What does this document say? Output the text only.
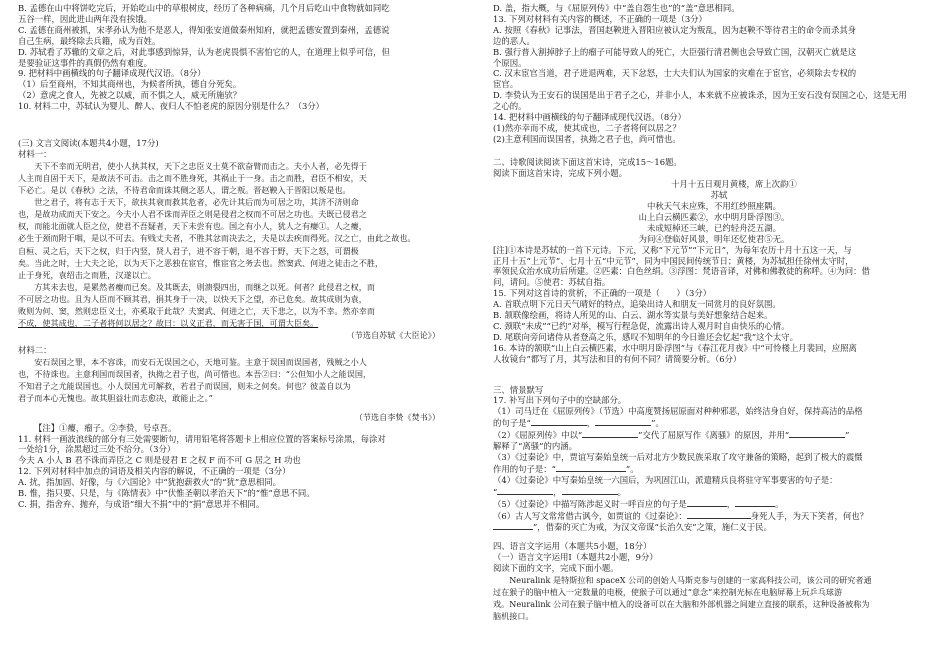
B. 孟德在山中将饼吃完后，开始吃山中的草根树皮，经历了各种病痛，几个月后吃山中食物就如同吃
五谷一样，因此进山两年没有挨饿。
C. 孟德在商州被抓，宋孝孙认为他不是恶人，得知张安道做秦州知府，就把孟德安置到秦州，孟德说
自己生病，最终除去兵籍，成为百姓。
D. 苏轼看了苏辙的文章之后，对此事感到惊异，认为老虎畏惧不害怕它的人，在道理上似乎可信，但
是要验证这事件的真假仍然有难度。
9. 把材料中画横线的句子翻译成现代汉语。（8分）
（1）后至商州，不知其商州也，为候者所执，德自分死矣。
（2）意虎之食人，先被之以威，而不惧之人，威无所施欤？
10. 材料二中，苏轼认为婴儿、醉人、夜归人不怕老虎的原因分别是什么？（3分）
(三) 文言文阅读(本题共4小题，17分)
材料一：
天下不幸而无明君，使小人执其权，天下之忠臣义士莫不欲奋臂而击之。夫小人者，必先得于
人主而自固于天下，是故法不可击。击之而不胜身死，其祸止于一身。击之而胜，君臣不相安，天
下必亡。是以《春秋》之法，不待君命而诛其侧之恶人，谓之叛。晋赵鞅入于晋阳以叛是也。
世之君子，将有志于天下，欲扶其衰而救其危者，必先计其后而为可居之功，其济不济则命
也，是故功成而天下安之。今夫小人君不诛而弄臣之则是侵君之权而不可居之功也。夫既已侵君之
权，而能北面就人臣之位，使君不吾疑者，天下未尝有也。国之有小人，犹人之有瘿①。人之瘿，
必生于颈而附于咽，是以不可去。有贱丈夫者，不胜其忿而决去之，夫是以去疾而得死。汉之亡，由此之故也。
自桓、灵之后，天下之权，归于内竖，贤人君子，进不容于朝，退不容于野，天下之怒，可谓极
矣。当此之时，士大夫之论，以为天下之恶独在宦官，惟宦官之务去也。然窦武、何进之徒击之不胜，
止于身死，袁绍击之而胜，汉遂以亡。
方其未去也，是累然者瘿而已矣。及其既去，则溃裂四出，而继之以死。何者？此侵君之权，而
不可居之功也。且为人臣而不顾其君，捐其身于一决，以快天下之望，亦已危矣。故其成则为袁，
败则为何、窦，然则忠臣义士，亦奚取于此哉？夫窦武、何进之亡，天下悲之，以为不幸。然亦幸而
不成，使其成也，二子者将何以居之？故曰：以义正君，而无害于国，可谓大臣矣。
（节选自苏轼《大臣论》）
材料二：
安石误国之罪，本不容诛，而安石无误国之心，天地可鉴。主意于误国而误国者，残贼之小人
也，不待诛也。主意利国而误国者，执拗之君子也，尚可惜也。本吾②曰：“公但知小人之能误国，
不知君子之尤能误国也。小人误国尤可解救，若君子而误国，则未之何矣。何也？彼盖自以为
君子而本心无愧也。故其胆益壮而志愈决，敢能止之。”
（节选自李贽《焚书》）
【注】①瘿，瘤子。②李贽，号卓吾。
11. 材料一画波浪线的部分有三处需要断句，请用铅笔将答题卡上相应位置的答案标号涂黑，每涂对
一处给1分，涂黑超过三处不给分。（3分）
今夫 A 小人 B 君不诛而弄臣之 C 则是侵君 E 之权 F 而不可 G 居之 H 功也
12. 下列对材料中加点的词语及相关内容的解说，不正确的一项是（3分）
A. 扰，指加固、好像，与《六国论》中“犹抱薪救火”的“犹”意思相同。
B. 惟，指只要、只是，与《陈情表》中“伏惟圣朝以孝治天下”的“惟”意思不同。
C. 捐，指舍弃、抛弃，与成语“细大不捐”中的“捐”意思并不相同。
D. 盖，指大概，与《屈原列传》中“盖自怨生也”的“盖”意思相同。
13. 下列对材料有关内容的概述，不正确的一项是（3分）
A. 按照《春秋》记事法，晋国赵鞅进入晋阳应被认定为叛乱，因为赵鞅不等待君主的命令而杀其身
边的恶人。
B. 强行普入割掉脖子上的瘤子可能导致人的死亡，大臣强行清君侧也会导致亡国，汉朝灭亡就是这
个原因。
C. 汉末宦官当道，君子进退两难，天下忿怒，士大夫们认为国家的灾难在于宦官，必须除去专权的
宦官。
D. 李贽认为王安石的误国是出于君子之心，并非小人，本来就不应被诛杀，因为王安石没有误国之心，这是无用
之心的。
14. 把材料中画横线的句子翻译成现代汉语。（8分）
(1)然亦幸而不成，使其成也，二子者将何以居之？
(2)主意利国而误国者，执拗之君子也，尚可惜也。
二、诗歌阅读阅读下面这首宋诗，完成15～16题。
阅读下面这首宋诗，完成下列小题。
十月十五日观月黄楼，席上次韵①
苏轼
中秋天气未应殊，不用红纱照座隅。
山上白云横匹素②，水中明月卧浮图③。
未成短棹还三峡，已约轻舟泛五湖。
为问④登临好风景，明年还忆使君⑤无。
[注]①本诗是苏轼的一首下元诗。下元，又称“下元节”“下元日”，为每年农历十月十五这一天，与
正月十五“上元节”、七月十五“中元节”，同为中国民间传统节日；黄楼，为苏轼担任徐州太守时，
率领民众治水成功后所建。②匹素：白色丝绢。③浮图：梵语音译，对佛和佛教徒的称呼。④为问：借
问，请问。⑤使君：苏轼自指。
15. 下列对这首诗的赏析，不正确的一项是（　　）（3分）
A. 首联点明下元日天气晴好的特点，追染出诗人和朋友一同赏月的良好氛围。
B. 颔联像绘画，将诗人所见的山、白云、湖水等实景与美好想象结合起来。
C. 颈联“未成”“已约”对举，模写行程急促，流露出诗人观月时自由快乐的心情。
D. 尾联向旁问诸侍从者登高之乐，感叹不知明年的今日谁还会忆起“我”这个太守。
16. 本诗的颔联“山上白云横匹素，水中明月卧浮图”与《春江花月夜》中“可怜楼上月裴回，应照离
人妆镜台”都写了月，其写法和目的有何不同？请简要分析。（6分）
三、情景默写
17. 补写出下列句子中的空缺部分。
（1）司马迁在《屈原列传》（节选）中高度赞扬屈原面对种种邪恶，始终洁身自好，保持高洁的品格
的句子是“	，	”。
（2）《屈原列传》中以“	”交代了屈原写作《离骚》的原因，并用“	”
解释了“离骚”的内涵。
（3）《过秦论》中，贾谊写秦始皇统一后对北方少数民族采取了攻守兼备的策略，起到了极大的震慑
作用的句子是：“	”。
（4）《过秦论》中写秦始皇统一六国后，为巩固江山，派遣精兵良将驻守军事要害的句子是：
“	，	。
（5）《过秦论》中描写陈涉起义时一呼百应的句子是	，	。
（6）古人写文常常借古讽今，如贾谊的《过秦论》：	身死人手，为天下笑者，何也？
”，借秦的灭亡为戒，为汉文帝谋“长治久安”之策，施仁义于民。
四、语言文字运用（本题共5小题，18分）
（一）语言文字运用Ⅰ（本题共2小题，9分）
阅读下面的文字，完成下面小题。
Neuralink 是特斯拉和 spaceX 公司的创始人马斯克参与创建的一家高科技公司，该公司的研究者通
过在猴子的脑中植入一定数量的电极，使猴子可以通过“意念”来控制光标在电脑屏幕上玩乒乓球游
戏。Neuralink 公司在猴子脑中植入的设备可以在大脑和外部机器之间建立直接的联系，这种设备被称为
脑机接口。
